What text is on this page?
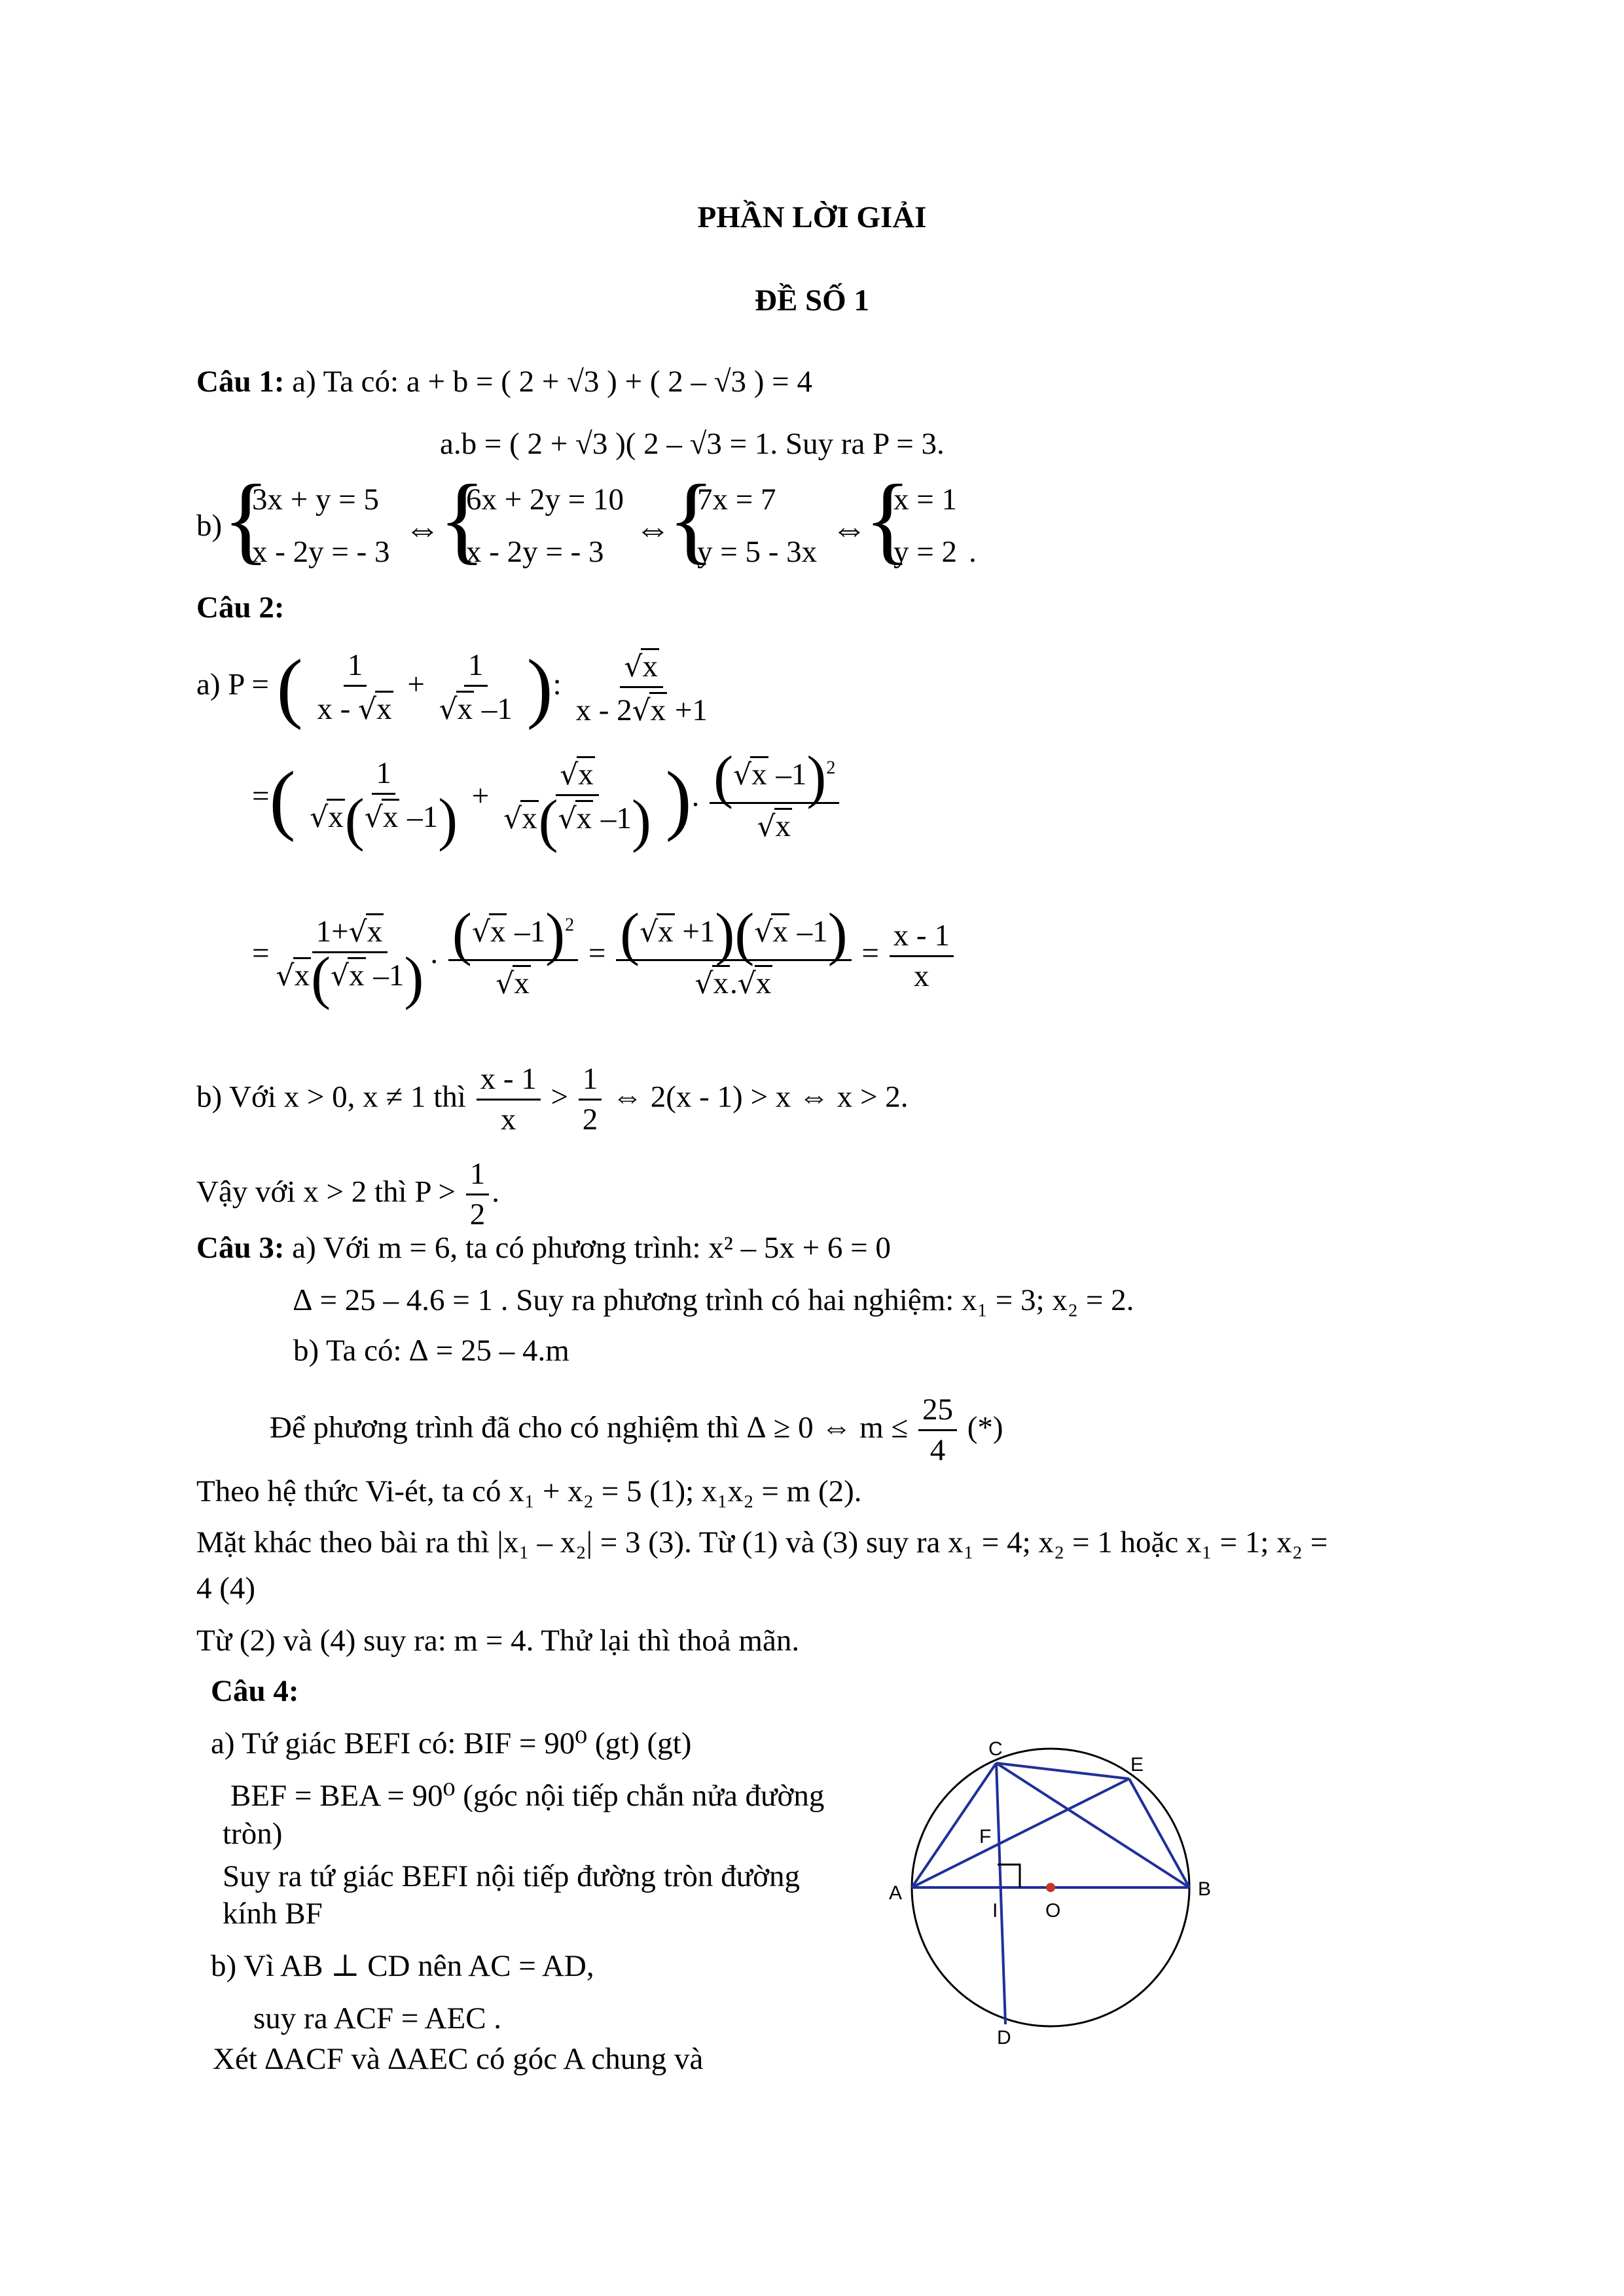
PHẦN LỜI GIẢI
ĐỀ SỐ 1
Câu 1: a) Ta có: a + b = ( 2 + √3 ) + ( 2 – √3 ) = 4
a.b = ( 2 + √3 )( 2 – √3 = 1. Suy ra P = 3.
b) {
3x + y = 5
x - 2y = - 3
⇔
{
6x + 2y = 10
x - 2y = - 3
⇔
{
7x = 7
y = 5 - 3x
⇔
{
x = 1
y = 2 .
Câu 2:
a) P = ( $\frac{1}{x - √x} + \frac{1}{√x -1}$ ): $\frac{√x}{x - 2√x +1}$
=( $\frac{1}{√x(√x -1)} + \frac{√x}{√x(√x -1)}$ ). $\frac{(√x -1)^2}{√x}$
= $\frac{1+√x}{√x(√x -1)}$ . $\frac{(√x -1)^2}{√x} = \frac{(√x +1)(√x -1)}{√x.√x} = \frac{x - 1}{x}$
b) Với x > 0, x ≠ 1 thì $\frac{x - 1}{x} > \frac{1}{2}$ ⇔ 2(x - 1) > x ⇔ x > 2.
Vậy với x > 2 thì $P > \frac{1}{2}$ .
Câu 3: a) Với m = 6, ta có phương trình: x² – 5x + 6 = 0
∆ = 25 – 4.6 = 1 . Suy ra phương trình có hai nghiệm: x₁ = 3; x₂ = 2.
b) Ta có: ∆ = 25 – 4.m
Để phương trình đã cho có nghiệm thì ∆ ≥ 0 ⇔ $m \le \frac{25}{4}$ (*)
Theo hệ thức Vi-ét, ta có x₁ + x₂ = 5 (1); x₁x₂ = m (2).
Mặt khác theo bài ra thì |x₁ – x₂| = 3 (3). Từ (1) và (3) suy ra x₁ = 4; x₂ = 1 hoặc x₁ = 1; x₂ =
4 (4)
Từ (2) và (4) suy ra: m = 4. Thử lại thì thoả mãn.
Câu 4:
a) Tứ giác BEFI có: BIF = 90⁰ (gt) (gt)
BEF = BEA = 90⁰ (góc nội tiếp chắn nửa đường
tròn)
Suy ra tứ giác BEFI nội tiếp đường tròn đường
kính BF
b) Vì AB ⊥ CD nên AC = AD,
suy ra ACF = AEC .
Xét ∆ACF và ∆AEC có góc A chung và
C
E
F
A
I O
B
D
